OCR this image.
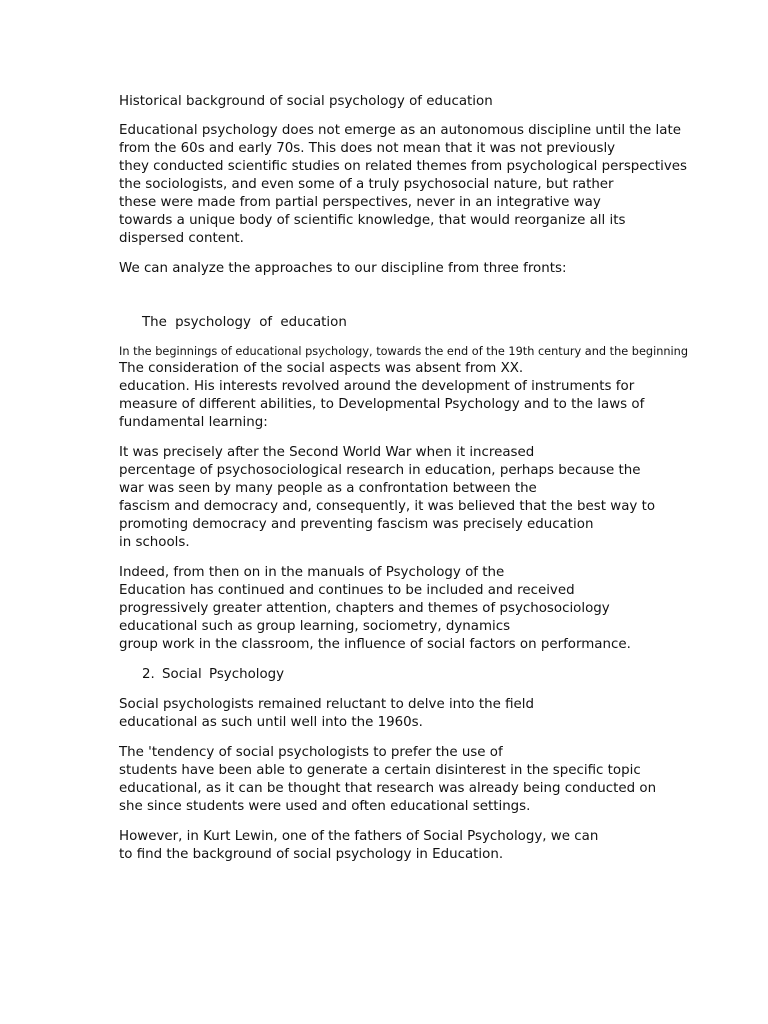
Historical background of social psychology of education
Educational psychology does not emerge as an autonomous discipline until the late
from the 60s and early 70s. This does not mean that it was not previously
they conducted scientific studies on related themes from psychological perspectives
the sociologists, and even some of a truly psychosocial nature, but rather
these were made from partial perspectives, never in an integrative way
towards a unique body of scientific knowledge, that would reorganize all its
dispersed content.
We can analyze the approaches to our discipline from three fronts:
The psychology of education
In the beginnings of educational psychology, towards the end of the 19th century and the beginning
The consideration of the social aspects was absent from XX.
education. His interests revolved around the development of instruments for
measure of different abilities, to Developmental Psychology and to the laws of
fundamental learning:
It was precisely after the Second World War when it increased
percentage of psychosociological research in education, perhaps because the
war was seen by many people as a confrontation between the
fascism and democracy and, consequently, it was believed that the best way to
promoting democracy and preventing fascism was precisely education
in schools.
Indeed, from then on in the manuals of Psychology of the
Education has continued and continues to be included and received
progressively greater attention, chapters and themes of psychosociology
educational such as group learning, sociometry, dynamics
group work in the classroom, the influence of social factors on performance.
2. Social Psychology
Social psychologists remained reluctant to delve into the field
educational as such until well into the 1960s.
The 'tendency of social psychologists to prefer the use of
students have been able to generate a certain disinterest in the specific topic
educational, as it can be thought that research was already being conducted on
she since students were used and often educational settings.
However, in Kurt Lewin, one of the fathers of Social Psychology, we can
to find the background of social psychology in Education.
